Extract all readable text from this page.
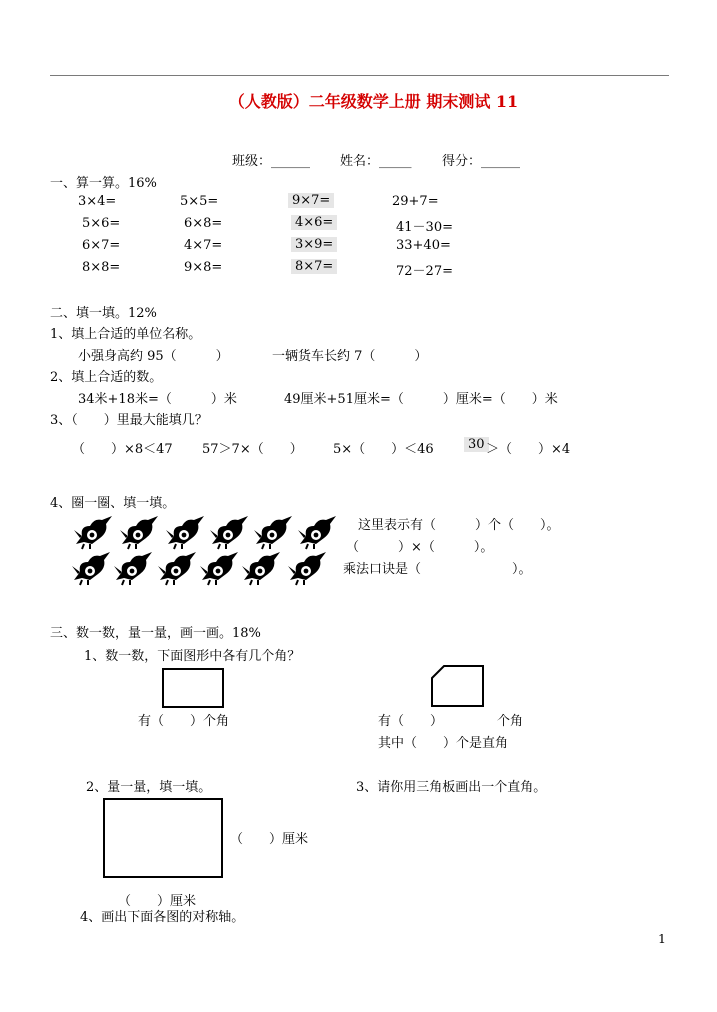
（人教版）二年级数学上册 期末测试 11
班级：______ 姓名：_____ 得分：______
一、算一算。16%
3×4=	5×5=	9×7=	29+7=
5×6=	6×8=	4×6=	41－30=
6×7=	4×7=	3×9=	33+40=
8×8=	9×8=	8×7=	72－27=
二、填一填。12%
1、填上合适的单位名称。
小强身高约 95（　　　）	一辆货车长约 7（　　　）
2、填上合适的数。
34米+18米=（　　　）米	49厘米+51厘米=（　　　）厘米=（　　）米
3、（　　）里最大能填几？
（　　）×8＜47 57＞7×（　　） 5×（　　）＜46	30 ＞（　　）×4
4、圈一圈、填一填。
这里表示有（　　　）个（　　）。
（　　　）×（　　　）。
乘法口诀是（　　　　　　　）。
三、数一数，量一量，画一画。18%
1、数一数，下面图形中各有几个角？
有（　　）个角	有（　　）	个角
其中（　　）个是直角
2、量一量，填一填。	3、请你用三角板画出一个直角。
（　　）厘米
（　　）厘米
4、画出下面各图的对称轴。
1
